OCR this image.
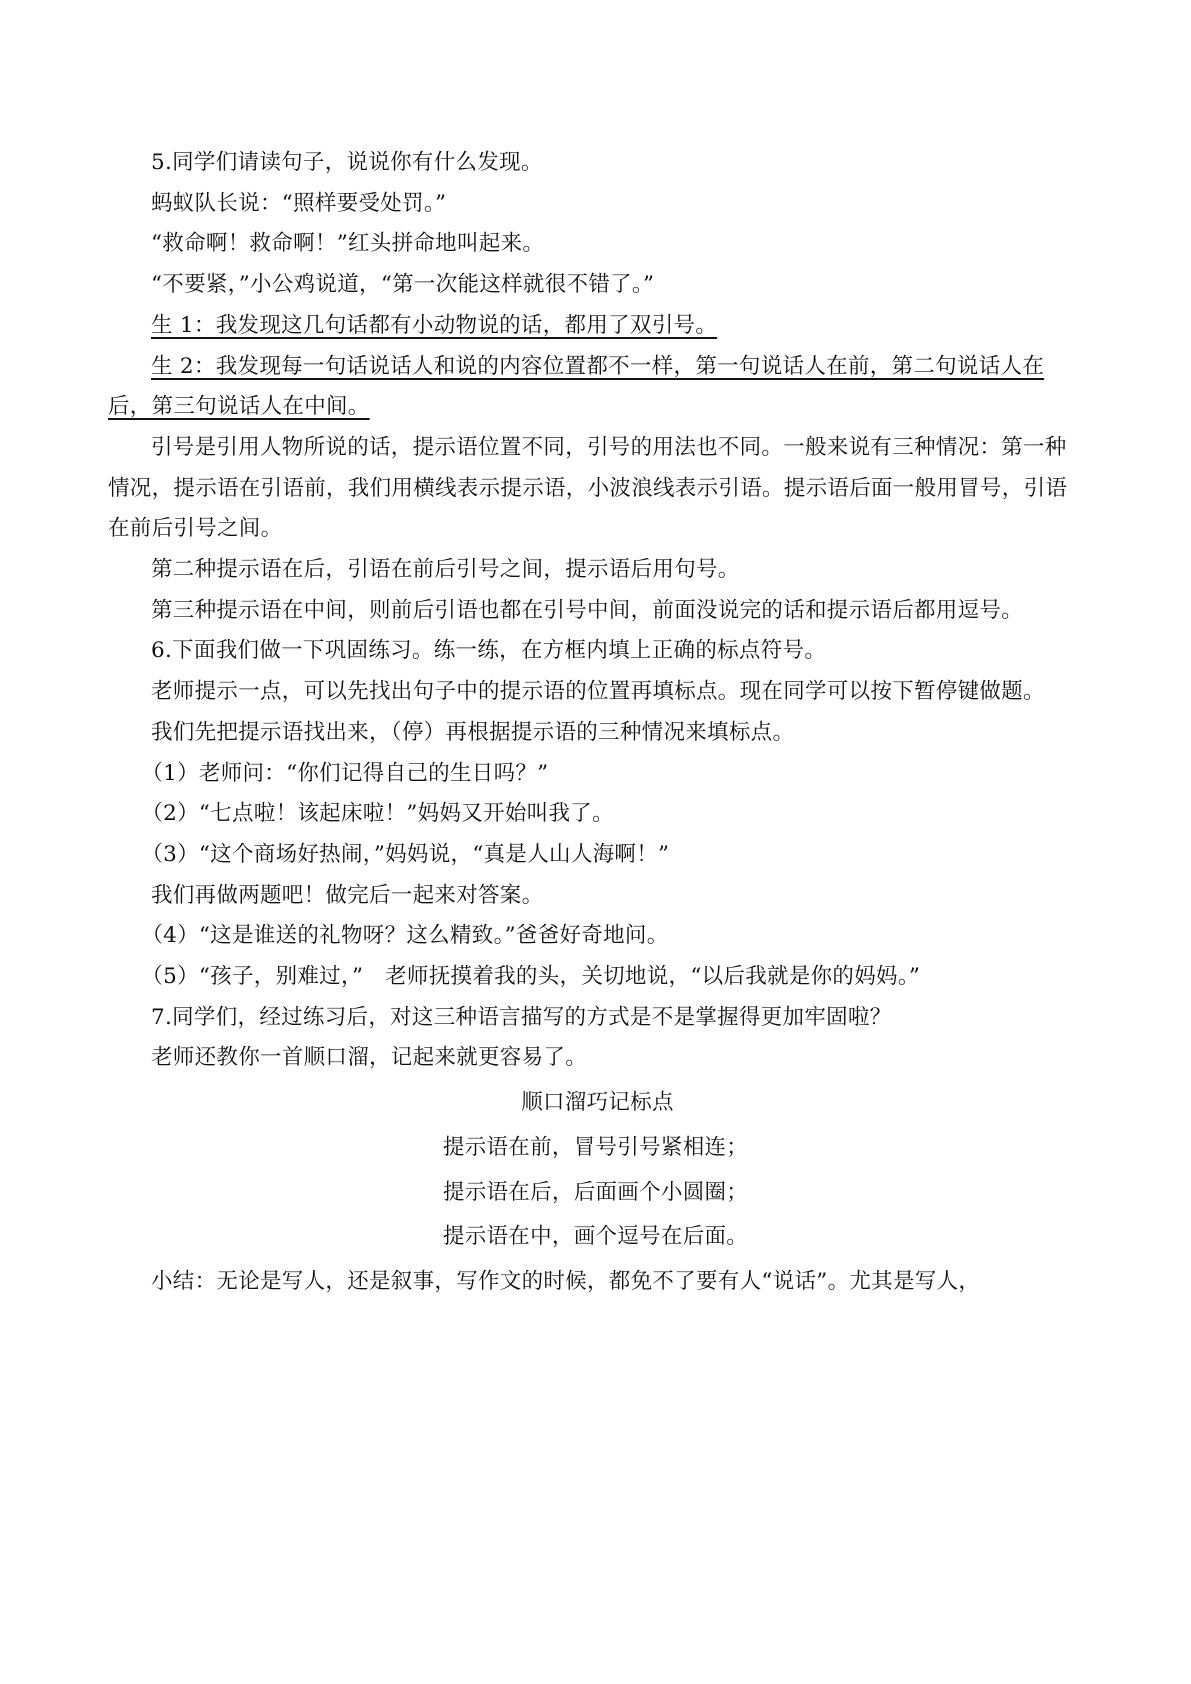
5.同学们请读句子，说说你有什么发现。

蚂蚁队长说：“照样要受处罚。”

“救命啊！救命啊！”红头拼命地叫起来。

“不要紧，”小公鸡说道，“第一次能这样就很不错了。”

生 1：我发现这几句话都有小动物说的话，都用了双引号。

生 2：我发现每一句话说话人和说的内容位置都不一样，第一句说话人在前，第二句说话人在后，第三句说话人在中间。

引号是引用人物所说的话，提示语位置不同，引号的用法也不同。一般来说有三种情况：第一种情况，提示语在引语前，我们用横线表示提示语，小波浪线表示引语。提示语后面一般用冒号，引语在前后引号之间。

第二种提示语在后，引语在前后引号之间，提示语后用句号。

第三种提示语在中间，则前后引语也都在引号中间，前面没说完的话和提示语后都用逗号。

6.下面我们做一下巩固练习。练一练，在方框内填上正确的标点符号。

老师提示一点，可以先找出句子中的提示语的位置再填标点。现在同学可以按下暂停键做题。

我们先把提示语找出来，（停）再根据提示语的三种情况来填标点。

（1）老师问：“你们记得自己的生日吗？”

（2）“七点啦！该起床啦！”妈妈又开始叫我了。

（3）“这个商场好热闹，”妈妈说，“真是人山人海啊！”

我们再做两题吧！做完后一起来对答案。

（4）“这是谁送的礼物呀？这么精致。”爸爸好奇地问。

（5）“孩子，别难过，”　老师抚摸着我的头，关切地说，“以后我就是你的妈妈。”

7.同学们，经过练习后，对这三种语言描写的方式是不是掌握得更加牢固啦？

老师还教你一首顺口溜，记起来就更容易了。

顺口溜巧记标点

提示语在前，冒号引号紧相连；

提示语在后，后面画个小圆圈；

提示语在中，画个逗号在后面。

小结：无论是写人，还是叙事，写作文的时候，都免不了要有人“说话”。尤其是写人，
